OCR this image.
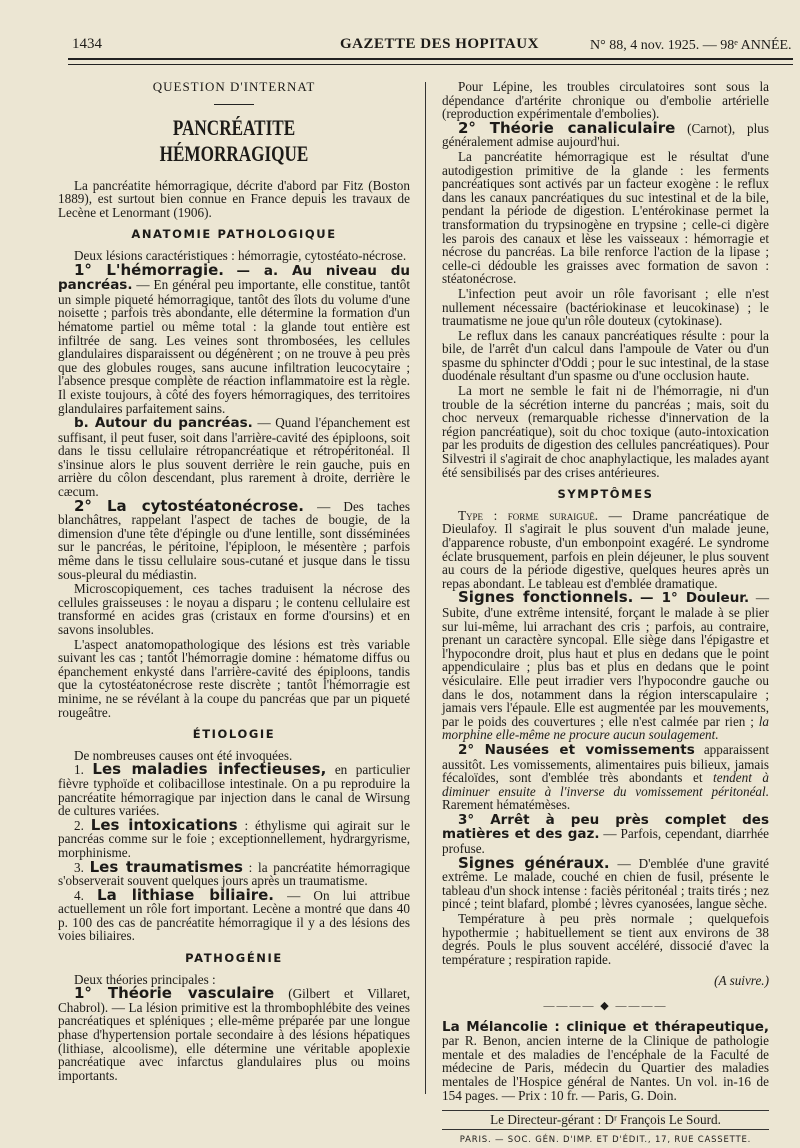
1434	GAZETTE DES HOPITAUX	N° 88, 4 nov. 1925. — 98ᵉ ANNÉE.

QUESTION D'INTERNAT

PANCRÉATITE HÉMORRAGIQUE

La pancréatite hémorragique, décrite d'abord par Fitz (Boston 1889), est surtout bien connue en France depuis les travaux de Lecène et Lenormant (1906).

ANATOMIE PATHOLOGIQUE

Deux lésions caractéristiques : hémorragie, cytostéato-nécrose.

1° L'hémorragie. — a. Au niveau du pancréas. — En général peu importante, elle constitue, tantôt un simple piqueté hémorragique, tantôt des îlots du volume d'une noisette ; parfois très abondante, elle détermine la formation d'un hématome partiel ou même total : la glande tout entière est infiltrée de sang. Les veines sont thrombosées, les cellules glandulaires disparaissent ou dégénèrent ; on ne trouve à peu près que des globules rouges, sans aucune infiltration leucocytaire ; l'absence presque complète de réaction inflammatoire est la règle. Il existe toujours, à côté des foyers hémorragiques, des territoires glandulaires parfaitement sains.

b. Autour du pancréas. — Quand l'épanchement est suffisant, il peut fuser, soit dans l'arrière-cavité des épiploons, soit dans le tissu cellulaire rétropancréatique et rétropéritonéal. Il s'insinue alors le plus souvent derrière le rein gauche, puis en arrière du côlon descendant, plus rarement à droite, derrière le cæcum.

2° La cytostéatonécrose. — Des taches blanchâtres, rappelant l'aspect de taches de bougie, de la dimension d'une tête d'épingle ou d'une lentille, sont disséminées sur le pancréas, le péritoine, l'épiploon, le mésentère ; parfois même dans le tissu cellulaire sous-cutané et jusque dans le tissu sous-pleural du médiastin.

Microscopiquement, ces taches traduisent la nécrose des cellules graisseuses : le noyau a disparu ; le contenu cellulaire est transformé en acides gras (cristaux en forme d'oursins) et en savons insolubles.

L'aspect anatomopathologique des lésions est très variable suivant les cas ; tantôt l'hémorragie domine : hématome diffus ou épanchement enkysté dans l'arrière-cavité des épiploons, tandis que la cytostéatonécrose reste discrète ; tantôt l'hémorragie est minime, ne se révélant à la coupe du pancréas que par un piqueté rougeâtre.

ÉTIOLOGIE

De nombreuses causes ont été invoquées.

1. Les maladies infectieuses, en particulier fièvre typhoïde et colibacillose intestinale. On a pu reproduire la pancréatite hémorragique par injection dans le canal de Wirsung de cultures variées.

2. Les intoxications : éthylisme qui agirait sur le pancréas comme sur le foie ; exceptionnellement, hydrargyrisme, morphinisme.

3. Les traumatismes : la pancréatite hémorragique s'observerait souvent quelques jours après un traumatisme.

4. La lithiase biliaire. — On lui attribue actuellement un rôle fort important. Lecène a montré que dans 40 p. 100 des cas de pancréatite hémorragique il y a des lésions des voies biliaires.

PATHOGÉNIE

Deux théories principales :

1° Théorie vasculaire (Gilbert et Villaret, Chabrol). — La lésion primitive est la thrombophlébite des veines pancréatiques et spléniques ; elle-même préparée par une longue phase d'hypertension portale secondaire à des lésions hépatiques (lithiase, alcoolisme), elle détermine une véritable apoplexie pancréatique avec infarctus glandulaires plus ou moins importants.

Pour Lépine, les troubles circulatoires sont sous la dépendance d'artérite chronique ou d'embolie artérielle (reproduction expérimentale d'embolies).

2° Théorie canaliculaire (Carnot), plus généralement admise aujourd'hui.

La pancréatite hémorragique est le résultat d'une autodigestion primitive de la glande : les ferments pancréatiques sont activés par un facteur exogène : le reflux dans les canaux pancréatiques du suc intestinal et de la bile, pendant la période de digestion. L'entérokinase permet la transformation du trypsinogène en trypsine ; celle-ci digère les parois des canaux et lèse les vaisseaux : hémorragie et nécrose du pancréas. La bile renforce l'action de la lipase ; celle-ci dédouble les graisses avec formation de savon : stéatonécrose.

L'infection peut avoir un rôle favorisant ; elle n'est nullement nécessaire (bactériokinase et leucokinase) ; le traumatisme ne joue qu'un rôle douteux (cytokinase).

Le reflux dans les canaux pancréatiques résulte : pour la bile, de l'arrêt d'un calcul dans l'ampoule de Vater ou d'un spasme du sphincter d'Oddi ; pour le suc intestinal, de la stase duodénale résultant d'un spasme ou d'une occlusion haute.

La mort ne semble le fait ni de l'hémorragie, ni d'un trouble de la sécrétion interne du pancréas ; mais, soit du choc nerveux (remarquable richesse d'innervation de la région pancréatique), soit du choc toxique (auto-intoxication par les produits de digestion des cellules pancréatiques). Pour Silvestri il s'agirait de choc anaphylactique, les malades ayant été sensibilisés par des crises antérieures.

SYMPTÔMES

Type : forme suraiguë. — Drame pancréatique de Dieulafoy. Il s'agirait le plus souvent d'un malade jeune, d'apparence robuste, d'un embonpoint exagéré. Le syndrome éclate brusquement, parfois en plein déjeuner, le plus souvent au cours de la période digestive, quelques heures après un repas abondant. Le tableau est d'emblée dramatique.

Signes fonctionnels. — 1° Douleur. — Subite, d'une extrême intensité, forçant le malade à se plier sur lui-même, lui arrachant des cris ; parfois, au contraire, prenant un caractère syncopal. Elle siège dans l'épigastre et l'hypocondre droit, plus haut et plus en dedans que le point appendiculaire ; plus bas et plus en dedans que le point vésiculaire. Elle peut irradier vers l'hypocondre gauche ou dans le dos, notamment dans la région interscapulaire ; jamais vers l'épaule. Elle est augmentée par les mouvements, par le poids des couvertures ; elle n'est calmée par rien ; la morphine elle-même ne procure aucun soulagement.

2° Nausées et vomissements apparaissent aussitôt. Les vomissements, alimentaires puis bilieux, jamais fécaloïdes, sont d'emblée très abondants et tendent à diminuer ensuite à l'inverse du vomissement péritonéal. Rarement hématémèses.

3° Arrêt à peu près complet des matières et des gaz. — Parfois, cependant, diarrhée profuse.

Signes généraux. — D'emblée d'une gravité extrême. Le malade, couché en chien de fusil, présente le tableau d'un shock intense : faciès péritonéal ; traits tirés ; nez pincé ; teint blafard, plombé ; lèvres cyanosées, langue sèche.

Température à peu près normale ; quelquefois hypothermie ; habituellement se tient aux environs de 38 degrés. Pouls le plus souvent accéléré, dissocié d'avec la température ; respiration rapide.

(A suivre.)

———— ◆ ————

La Mélancolie : clinique et thérapeutique, par R. Benon, ancien interne de la Clinique de pathologie mentale et des maladies de l'encéphale de la Faculté de médecine de Paris, médecin du Quartier des maladies mentales de l'Hospice général de Nantes. Un vol. in-16 de 154 pages. — Prix : 10 fr. — Paris, G. Doin.

Le Directeur-gérant : Dʳ François Le Sourd.

PARIS. — SOC. GÉN. D'IMP. ET D'ÉDIT., 17, RUE CASSETTE.
